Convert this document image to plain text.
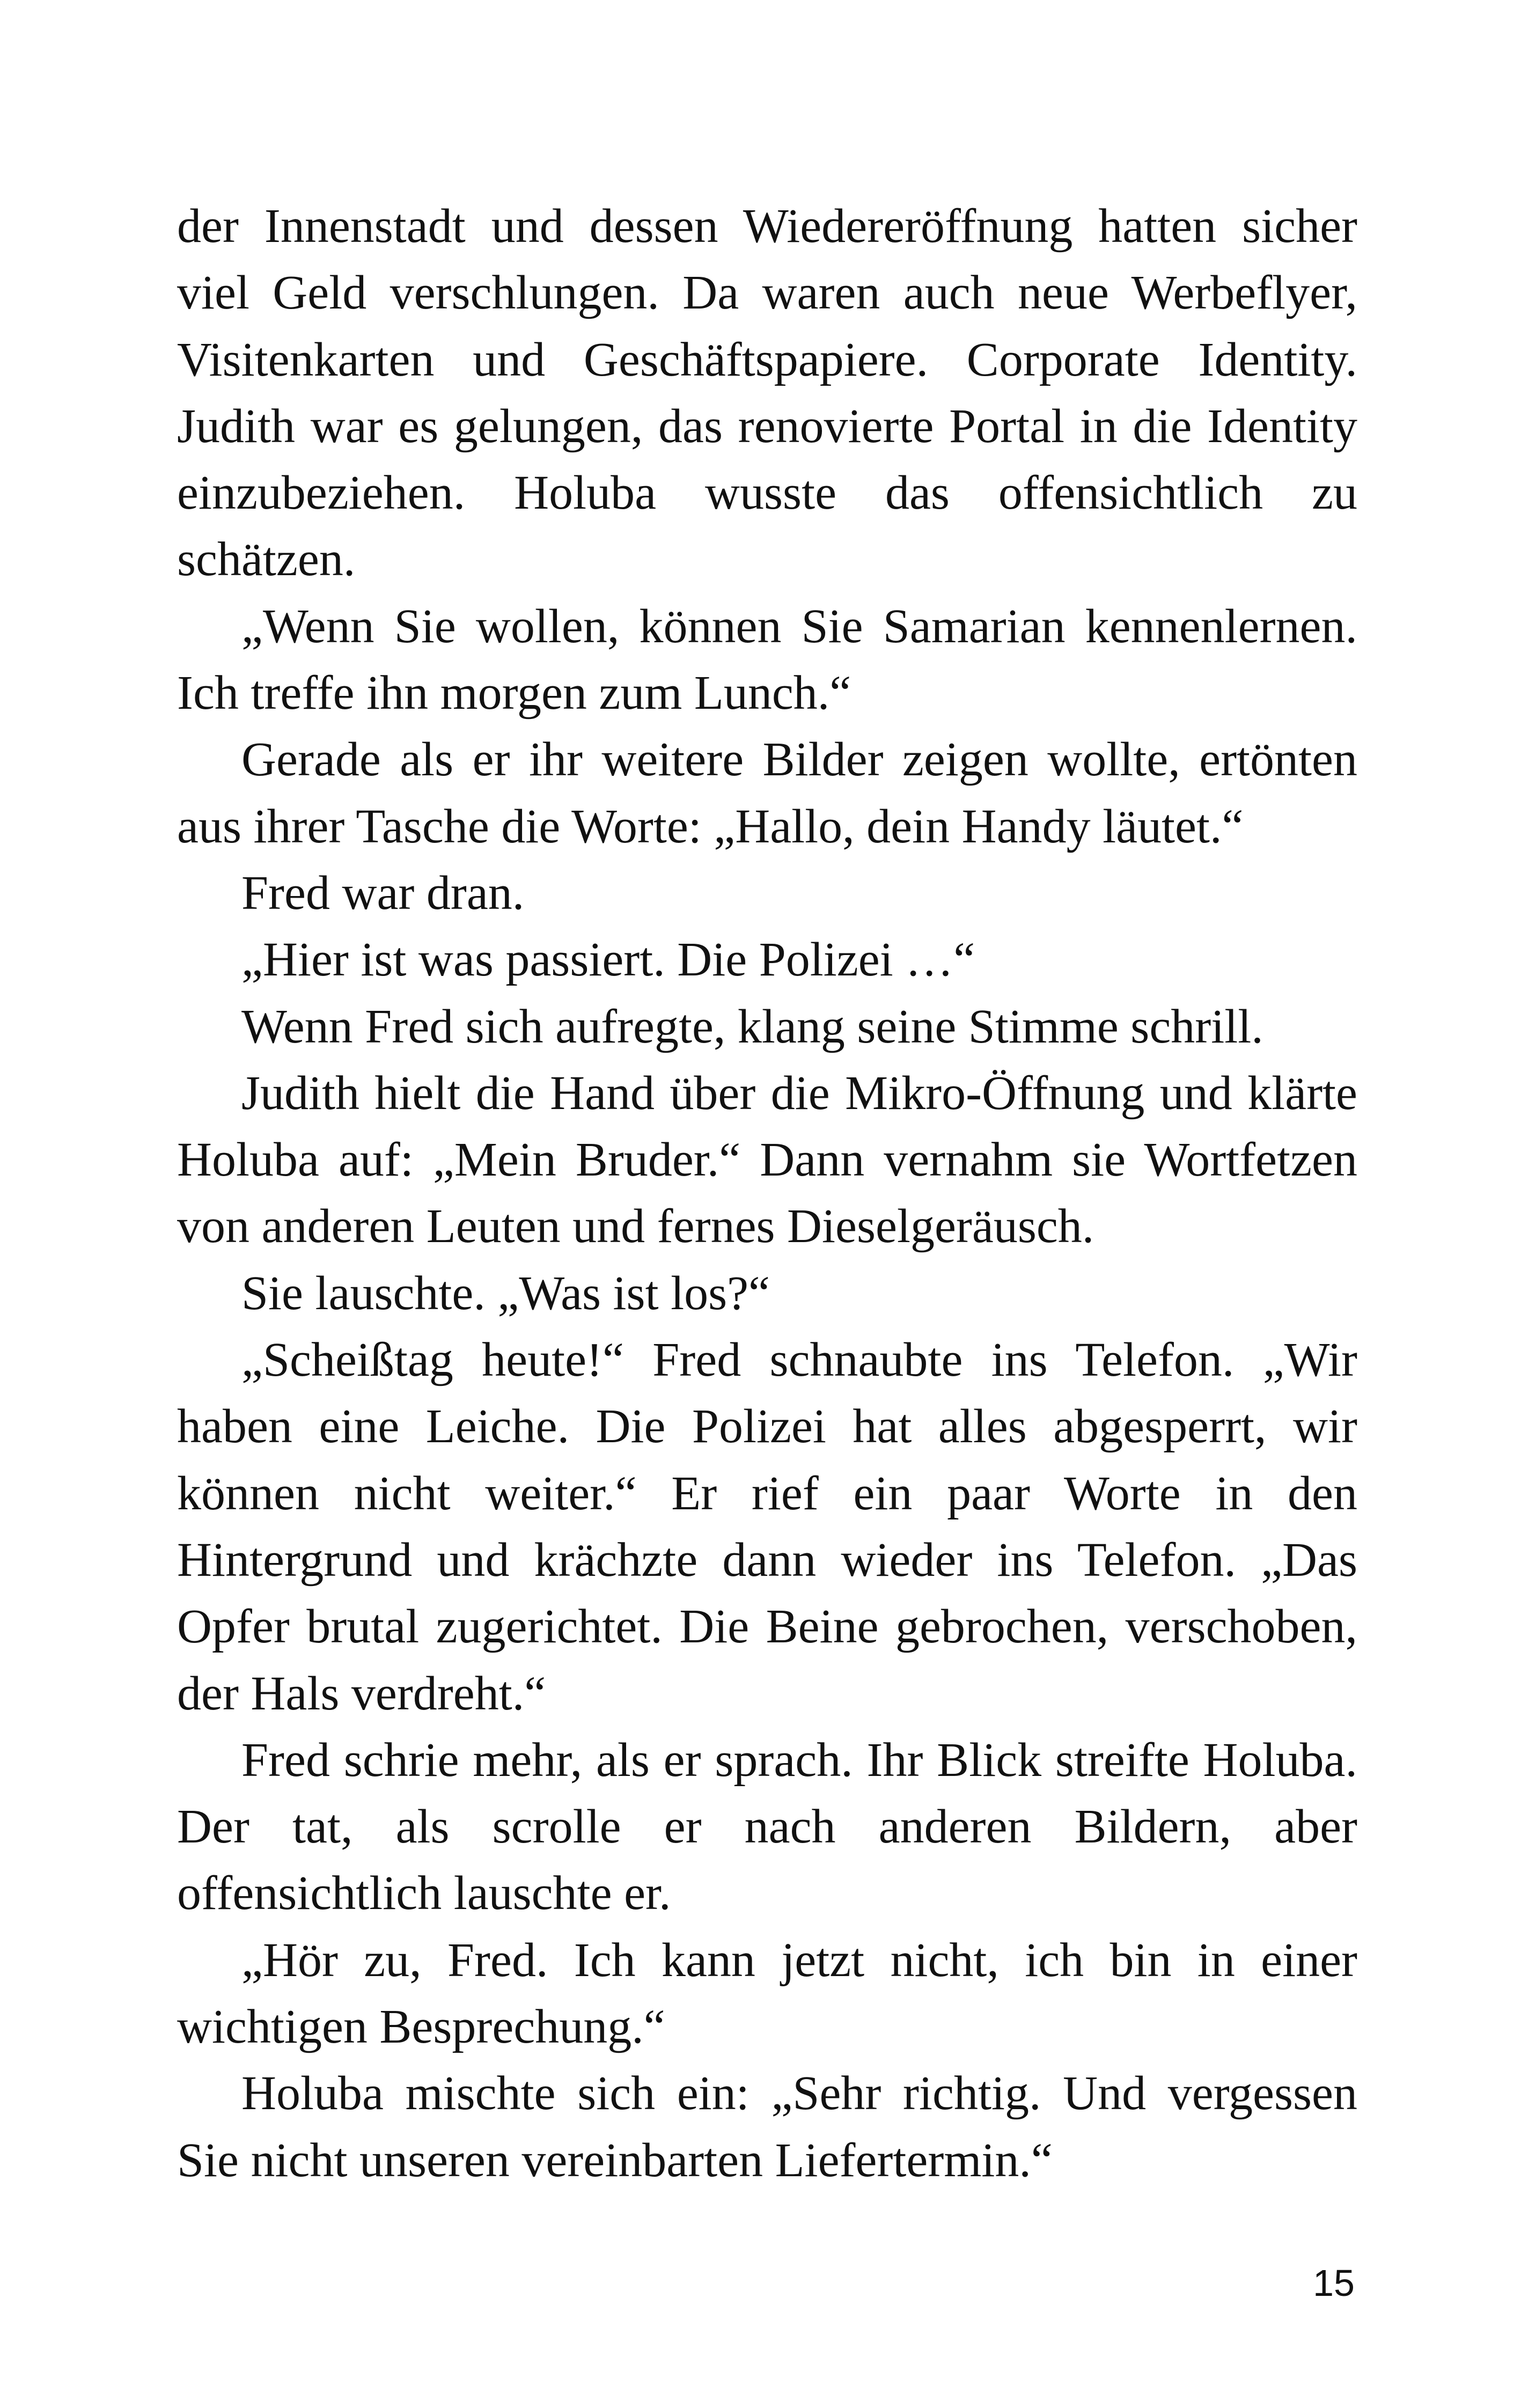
der Innenstadt und dessen Wiedereröffnung hatten sicher viel Geld verschlungen. Da waren auch neue Werbeflyer, Visitenkarten und Geschäftspapiere. Corporate Identity. Judith war es gelungen, das renovierte Portal in die Identity einzubeziehen. Holuba wusste das offensichtlich zu schätzen.

„Wenn Sie wollen, können Sie Samarian kennenlernen. Ich treffe ihn morgen zum Lunch.“

Gerade als er ihr weitere Bilder zeigen wollte, ertönten aus ihrer Tasche die Worte: „Hallo, dein Handy läutet.“

Fred war dran.

„Hier ist was passiert. Die Polizei …“

Wenn Fred sich aufregte, klang seine Stimme schrill.

Judith hielt die Hand über die Mikro-Öffnung und klärte Holuba auf: „Mein Bruder.“ Dann vernahm sie Wortfetzen von anderen Leuten und fernes Dieselgeräusch.

Sie lauschte. „Was ist los?“

„Scheißtag heute!“ Fred schnaubte ins Telefon. „Wir haben eine Leiche. Die Polizei hat alles abgesperrt, wir können nicht weiter.“ Er rief ein paar Worte in den Hintergrund und krächzte dann wieder ins Telefon. „Das Opfer brutal zugerichtet. Die Beine gebrochen, verschoben, der Hals verdreht.“

Fred schrie mehr, als er sprach. Ihr Blick streifte Holuba. Der tat, als scrolle er nach anderen Bildern, aber offensichtlich lauschte er.

„Hör zu, Fred. Ich kann jetzt nicht, ich bin in einer wichtigen Besprechung.“

Holuba mischte sich ein: „Sehr richtig. Und vergessen Sie nicht unseren vereinbarten Liefertermin.“

15
